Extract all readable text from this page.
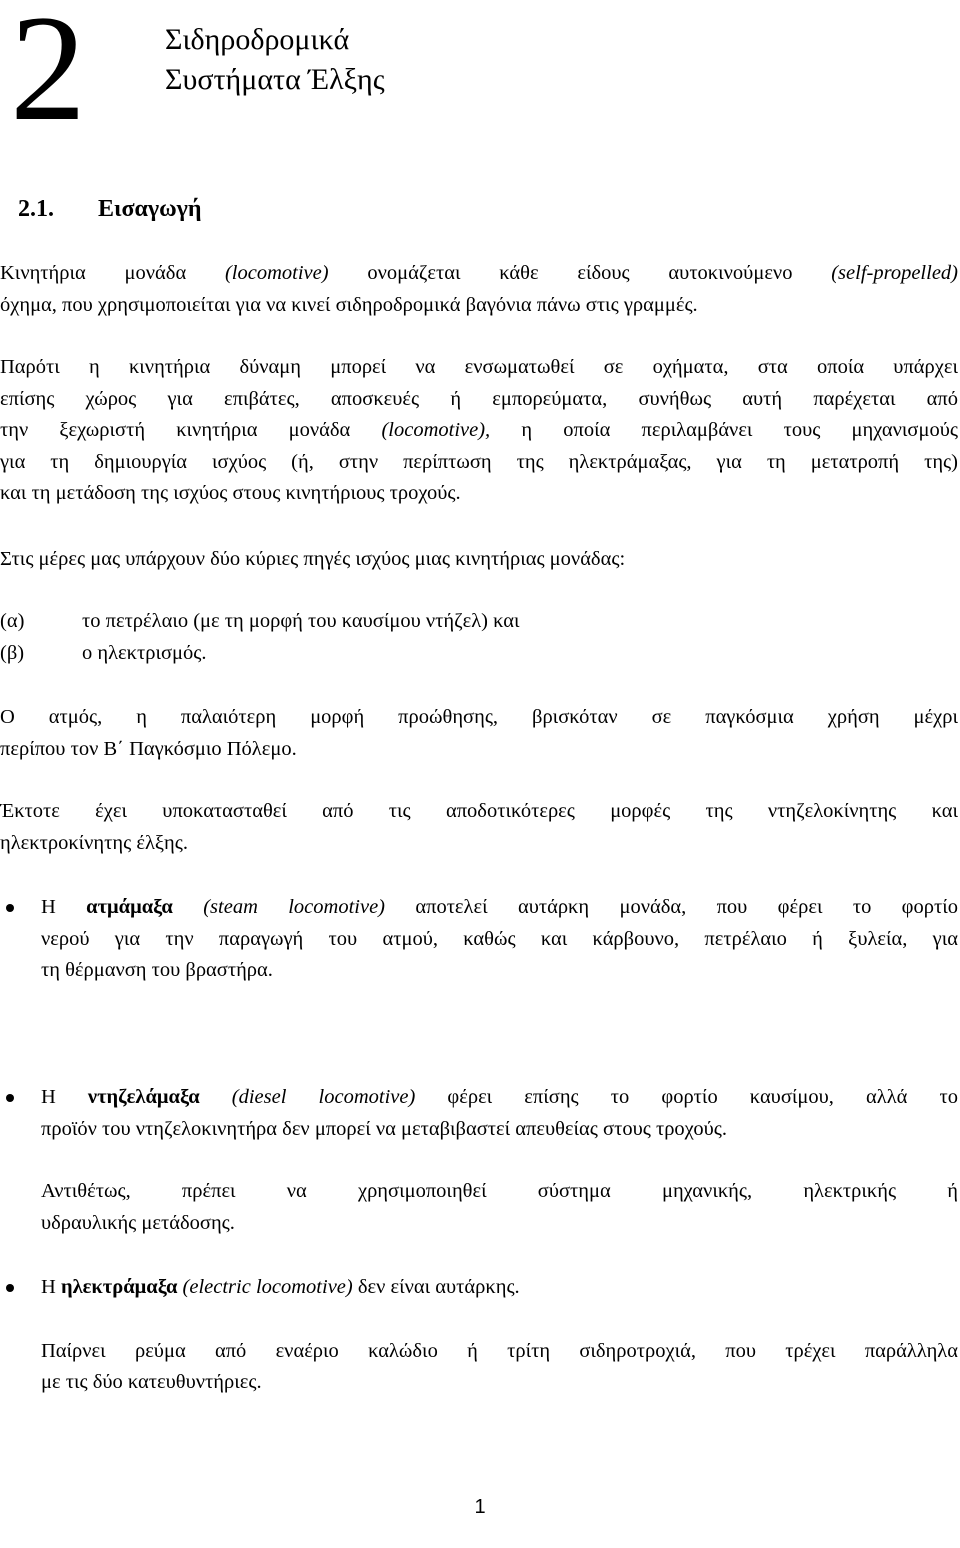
2	Σιδηροδρομικά
Συστήματα Έλξης
2.1. Εισαγωγή
Κινητήρια μονάδα (locomotive) ονομάζεται κάθε είδους αυτοκινούμενο (self-propelled)
όχημα, που χρησιμοποιείται για να κινεί σιδηροδρομικά βαγόνια πάνω στις γραμμές.
Παρότι η κινητήρια δύναμη μπορεί να ενσωματωθεί σε οχήματα, στα οποία υπάρχει
επίσης χώρος για επιβάτες, αποσκευές ή εμπορεύματα, συνήθως αυτή παρέχεται από
την ξεχωριστή κινητήρια μονάδα (locomotive), η οποία περιλαμβάνει τους μηχανισμούς
για τη δημιουργία ισχύος (ή, στην περίπτωση της ηλεκτράμαξας, για τη μετατροπή της)
και τη μετάδοση της ισχύος στους κινητήριους τροχούς.
Στις μέρες μας υπάρχουν δύο κύριες πηγές ισχύος μιας κινητήριας μονάδας:
(α)	το πετρέλαιο (με τη μορφή του καυσίμου ντήζελ) και
(β)	ο ηλεκτρισμός.
Ο ατμός, η παλαιότερη μορφή προώθησης, βρισκόταν σε παγκόσμια χρήση μέχρι
περίπου τον Β΄ Παγκόσμιο Πόλεμο.
Έκτοτε έχει υποκατασταθεί από τις αποδοτικότερες μορφές της ντηζελοκίνητης και
ηλεκτροκίνητης έλξης.
Η ατμάμαξα (steam locomotive) αποτελεί αυτάρκη μονάδα, που φέρει το φορτίο
νερού για την παραγωγή του ατμού, καθώς και κάρβουνο, πετρέλαιο ή ξυλεία, για
τη θέρμανση του βραστήρα.
Η ντηζελάμαξα (diesel locomotive) φέρει επίσης το φορτίο καυσίμου, αλλά το
προϊόν του ντηζελοκινητήρα δεν μπορεί να μεταβιβαστεί απευθείας στους τροχούς.
Αντιθέτως, πρέπει να χρησιμοποιηθεί σύστημα μηχανικής, ηλεκτρικής ή
υδραυλικής μετάδοσης.
Η ηλεκτράμαξα (electric locomotive) δεν είναι αυτάρκης.
Παίρνει ρεύμα από εναέριο καλώδιο ή τρίτη σιδηροτροχιά, που τρέχει παράλληλα
με τις δύο κατευθυντήριες.
1
